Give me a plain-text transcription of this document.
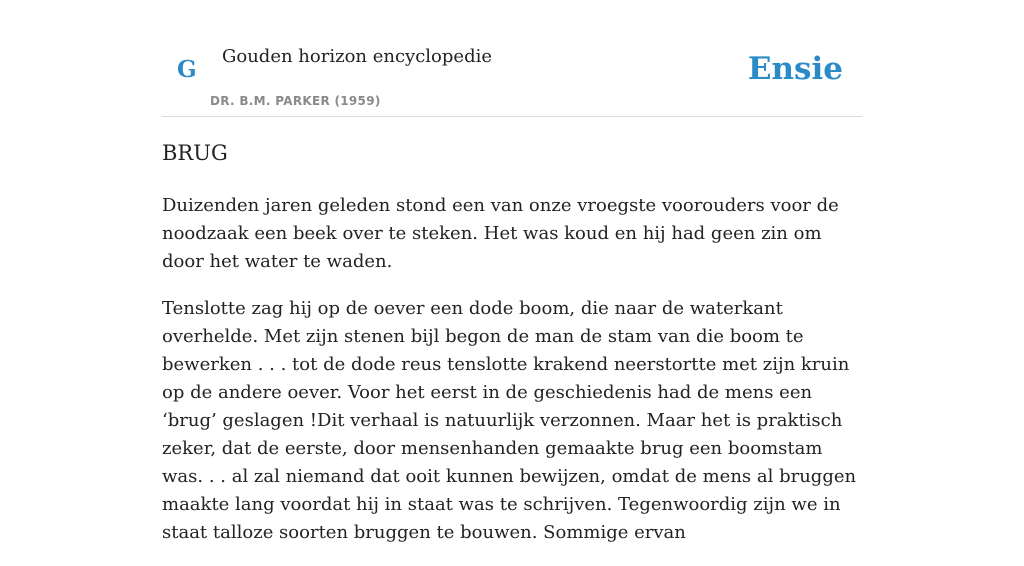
G Gouden horizon encyclopedie
DR. B.M. PARKER (1959)
Ensie
BRUG

Duizenden jaren geleden stond een van onze vroegste voorouders voor de noodzaak een beek over te steken. Het was koud en hij had geen zin om door het water te waden.

Tenslotte zag hij op de oever een dode boom, die naar de waterkant overhelde. Met zijn stenen bijl begon de man de stam van die boom te bewerken . . . tot de dode reus tenslotte krakend neerstortte met zijn kruin op de andere oever. Voor het eerst in de geschiedenis had de mens een ‘brug’ geslagen !Dit verhaal is natuurlijk verzonnen. Maar het is praktisch zeker, dat de eerste, door mensenhanden gemaakte brug een boomstam was. . . al zal niemand dat ooit kunnen bewijzen, omdat de mens al bruggen maakte lang voordat hij in staat was te schrijven. Tegenwoordig zijn we in staat talloze soorten bruggen te bouwen. Sommige ervan
